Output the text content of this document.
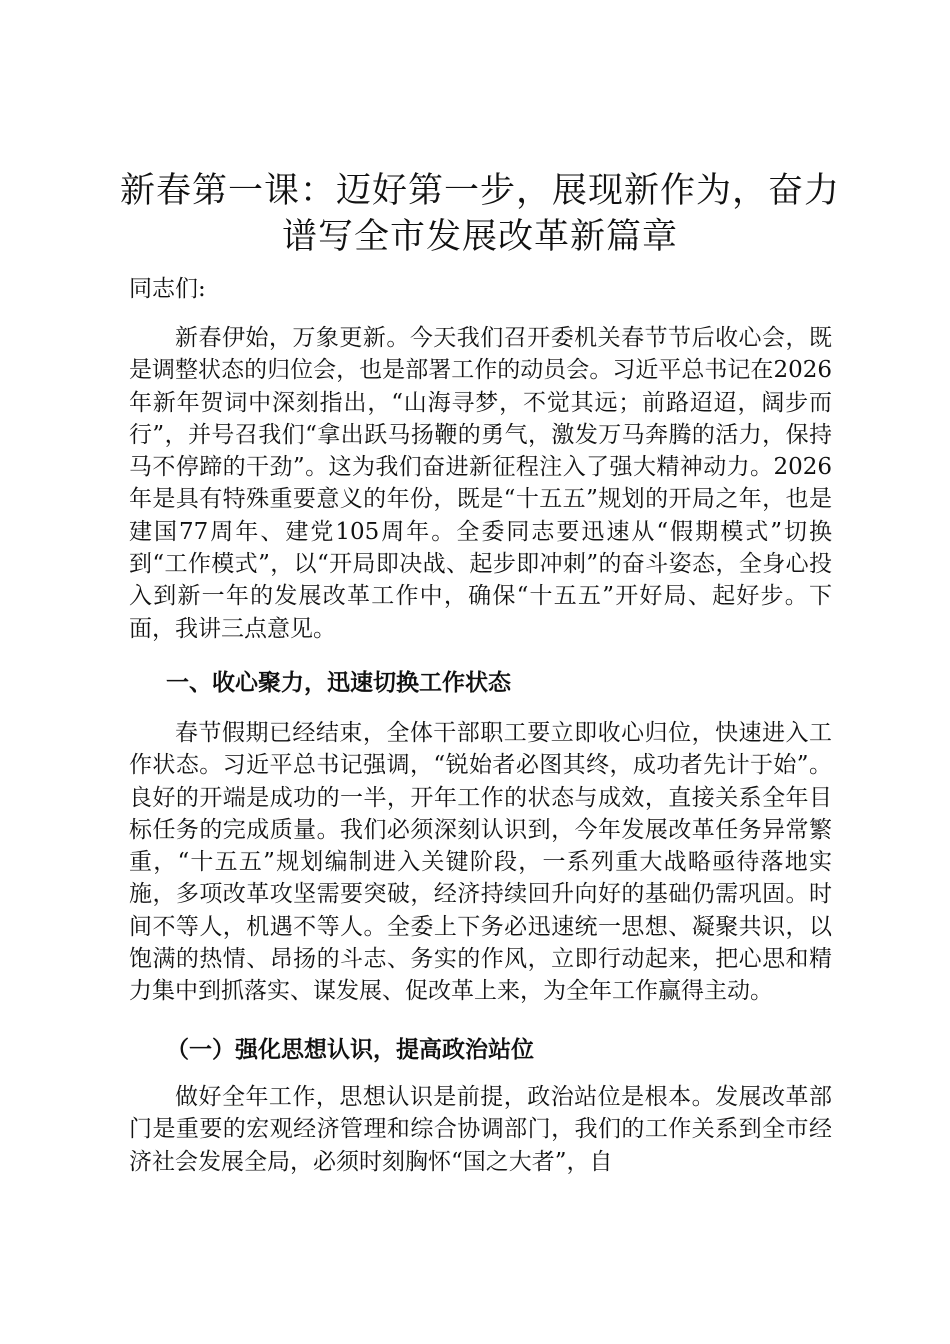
新春第一课：迈好第一步，展现新作为，奋力谱写全市发展改革新篇章

同志们:

新春伊始，万象更新。今天我们召开委机关春节节后收心会，既是调整状态的归位会，也是部署工作的动员会。习近平总书记在2026年新年贺词中深刻指出，“山海寻梦，不觉其远；前路迢迢，阔步而行”，并号召我们“拿出跃马扬鞭的勇气，激发万马奔腾的活力，保持马不停蹄的干劲”。这为我们奋进新征程注入了强大精神动力。2026年是具有特殊重要意义的年份，既是“十五五”规划的开局之年，也是建国77周年、建党105周年。全委同志要迅速从“假期模式”切换到“工作模式”，以“开局即决战、起步即冲刺”的奋斗姿态，全身心投入到新一年的发展改革工作中，确保“十五五”开好局、起好步。下面，我讲三点意见。

一、收心聚力，迅速切换工作状态

春节假期已经结束，全体干部职工要立即收心归位，快速进入工作状态。习近平总书记强调，“锐始者必图其终，成功者先计于始”。良好的开端是成功的一半，开年工作的状态与成效，直接关系全年目标任务的完成质量。我们必须深刻认识到，今年发展改革任务异常繁重，“十五五”规划编制进入关键阶段，一系列重大战略亟待落地实施，多项改革攻坚需要突破，经济持续回升向好的基础仍需巩固。时间不等人，机遇不等人。全委上下务必迅速统一思想、凝聚共识，以饱满的热情、昂扬的斗志、务实的作风，立即行动起来，把心思和精力集中到抓落实、谋发展、促改革上来，为全年工作赢得主动。

（一）强化思想认识，提高政治站位

做好全年工作，思想认识是前提，政治站位是根本。发展改革部门是重要的宏观经济管理和综合协调部门，我们的工作关系到全市经济社会发展全局，必须时刻胸怀“国之大者”，自
